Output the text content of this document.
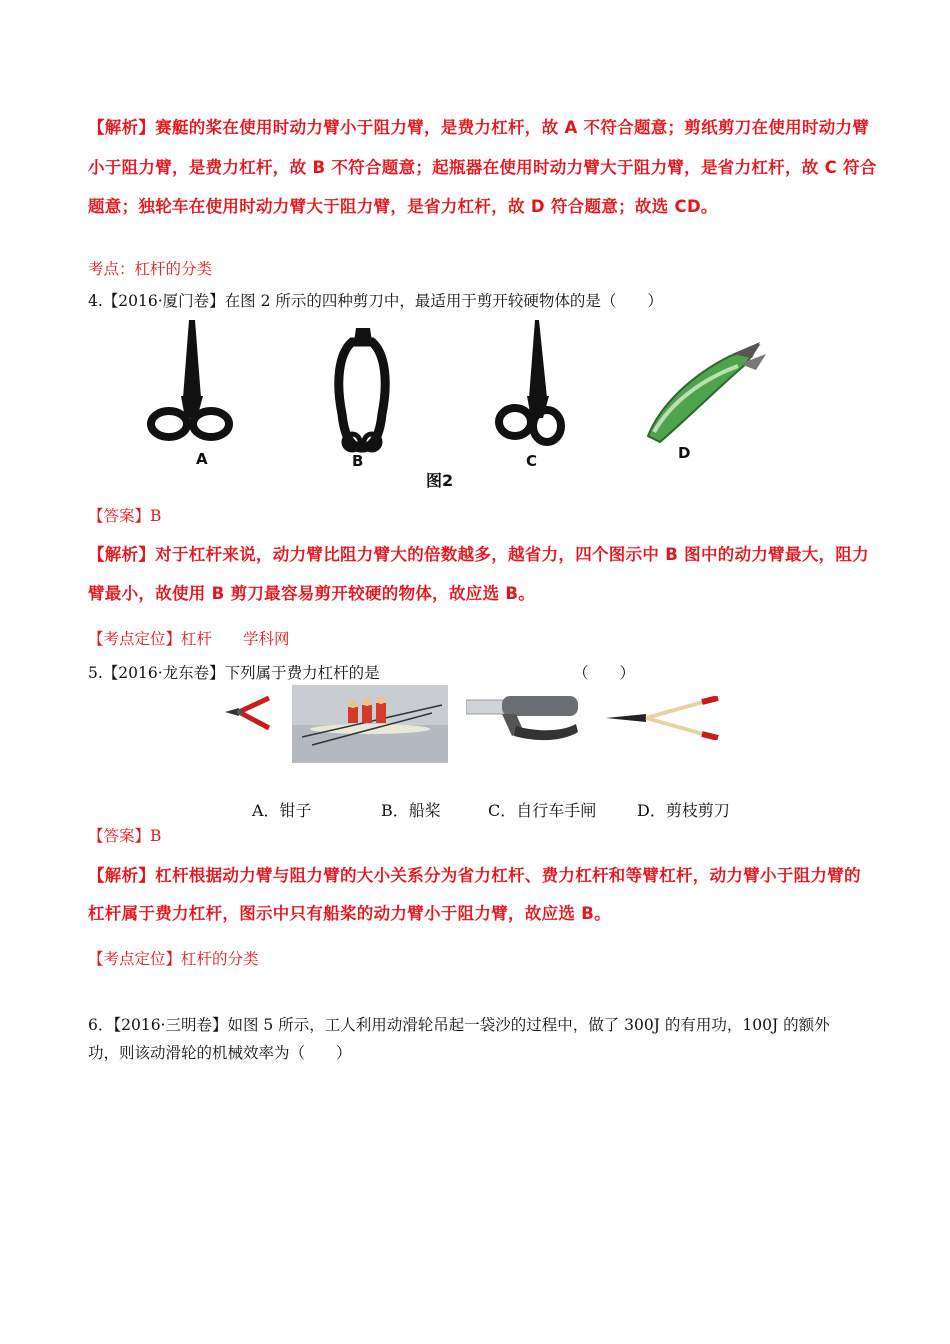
【解析】赛艇的桨在使用时动力臂小于阻力臂，是费力杠杆，故 A 不符合题意；剪纸剪刀在使用时动力臂
小于阻力臂，是费力杠杆，故 B 不符合题意；起瓶器在使用时动力臂大于阻力臂，是省力杠杆，故 C 符合
题意；独轮车在使用时动力臂大于阻力臂，是省力杠杆，故 D 符合题意；故选 CD。
考点：杠杆的分类
4.【2016·厦门卷】在图 2 所示的四种剪刀中，最适用于剪开较硬物体的是（　　）
A	B	C	D
图2
【答案】B
【解析】对于杠杆来说，动力臂比阻力臂大的倍数越多，越省力，四个图示中 B 图中的动力臂最大，阻力
臂最小，故使用 B 剪刀最容易剪开较硬的物体，故应选 B。
【考点定位】杠杆　　学科网
5.【2016·龙东卷】下列属于费力杠杆的是	（　　）
A．钳子	B．船桨	C．自行车手闸	D．剪枝剪刀
【答案】B
【解析】杠杆根据动力臂与阻力臂的大小关系分为省力杠杆、费力杠杆和等臂杠杆，动力臂小于阻力臂的
杠杆属于费力杠杆，图示中只有船桨的动力臂小于阻力臂，故应选 B。
【考点定位】杠杆的分类
6．【2016·三明卷】如图 5 所示，工人利用动滑轮吊起一袋沙的过程中，做了 300J 的有用功，100J 的额外
功，则该动滑轮的机械效率为（　　）
